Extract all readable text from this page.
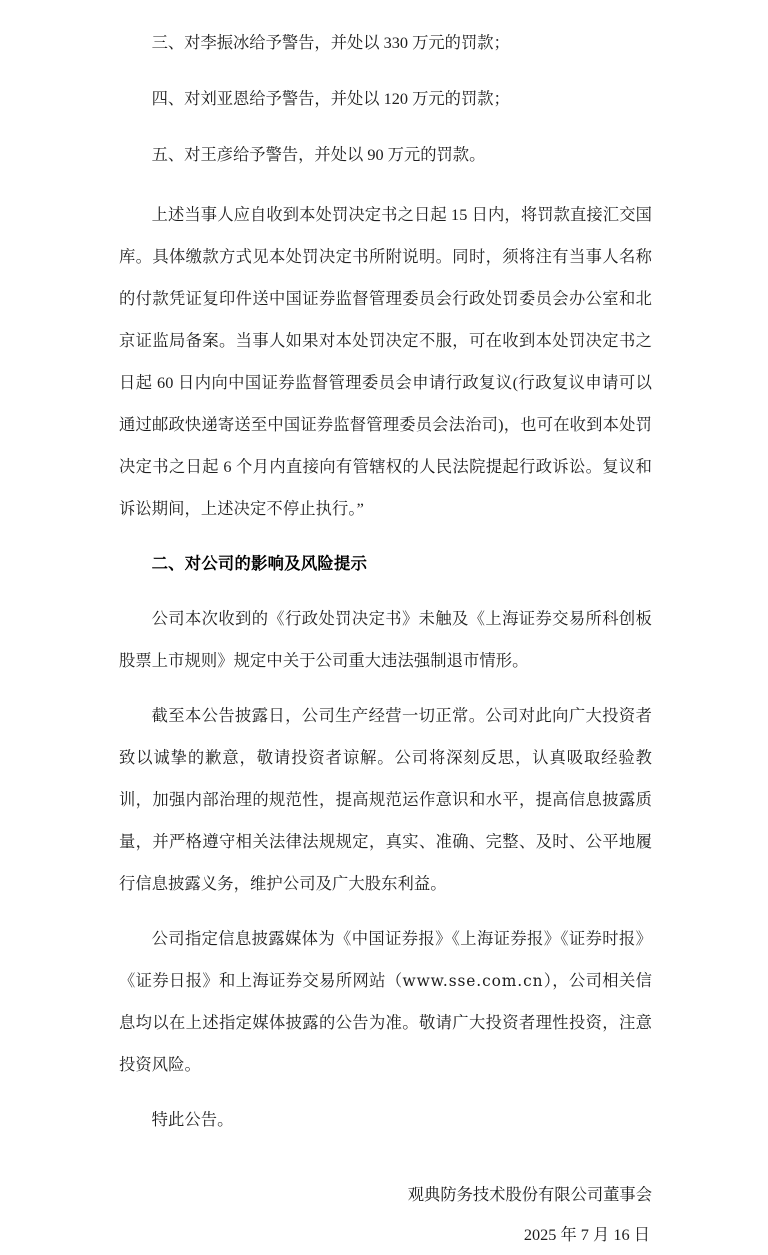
三、对李振冰给予警告，并处以 330 万元的罚款；

四、对刘亚恩给予警告，并处以 120 万元的罚款；

五、对王彦给予警告，并处以 90 万元的罚款。

上述当事人应自收到本处罚决定书之日起 15 日内，将罚款直接汇交国库。具体缴款方式见本处罚决定书所附说明。同时，须将注有当事人名称的付款凭证复印件送中国证券监督管理委员会行政处罚委员会办公室和北京证监局备案。当事人如果对本处罚决定不服，可在收到本处罚决定书之日起 60 日内向中国证券监督管理委员会申请行政复议(行政复议申请可以通过邮政快递寄送至中国证券监督管理委员会法治司)，也可在收到本处罚决定书之日起 6 个月内直接向有管辖权的人民法院提起行政诉讼。复议和诉讼期间，上述决定不停止执行。”

二、对公司的影响及风险提示

公司本次收到的《行政处罚决定书》未触及《上海证券交易所科创板股票上市规则》规定中关于公司重大违法强制退市情形。

截至本公告披露日，公司生产经营一切正常。公司对此向广大投资者致以诚挚的歉意，敬请投资者谅解。公司将深刻反思，认真吸取经验教训，加强内部治理的规范性，提高规范运作意识和水平，提高信息披露质量，并严格遵守相关法律法规规定，真实、准确、完整、及时、公平地履行信息披露义务，维护公司及广大股东利益。

公司指定信息披露媒体为《中国证券报》《上海证券报》《证券时报》《证券日报》和上海证券交易所网站（www.sse.com.cn），公司相关信息均以在上述指定媒体披露的公告为准。敬请广大投资者理性投资，注意投资风险。

特此公告。

观典防务技术股份有限公司董事会
2025 年 7 月 16 日
